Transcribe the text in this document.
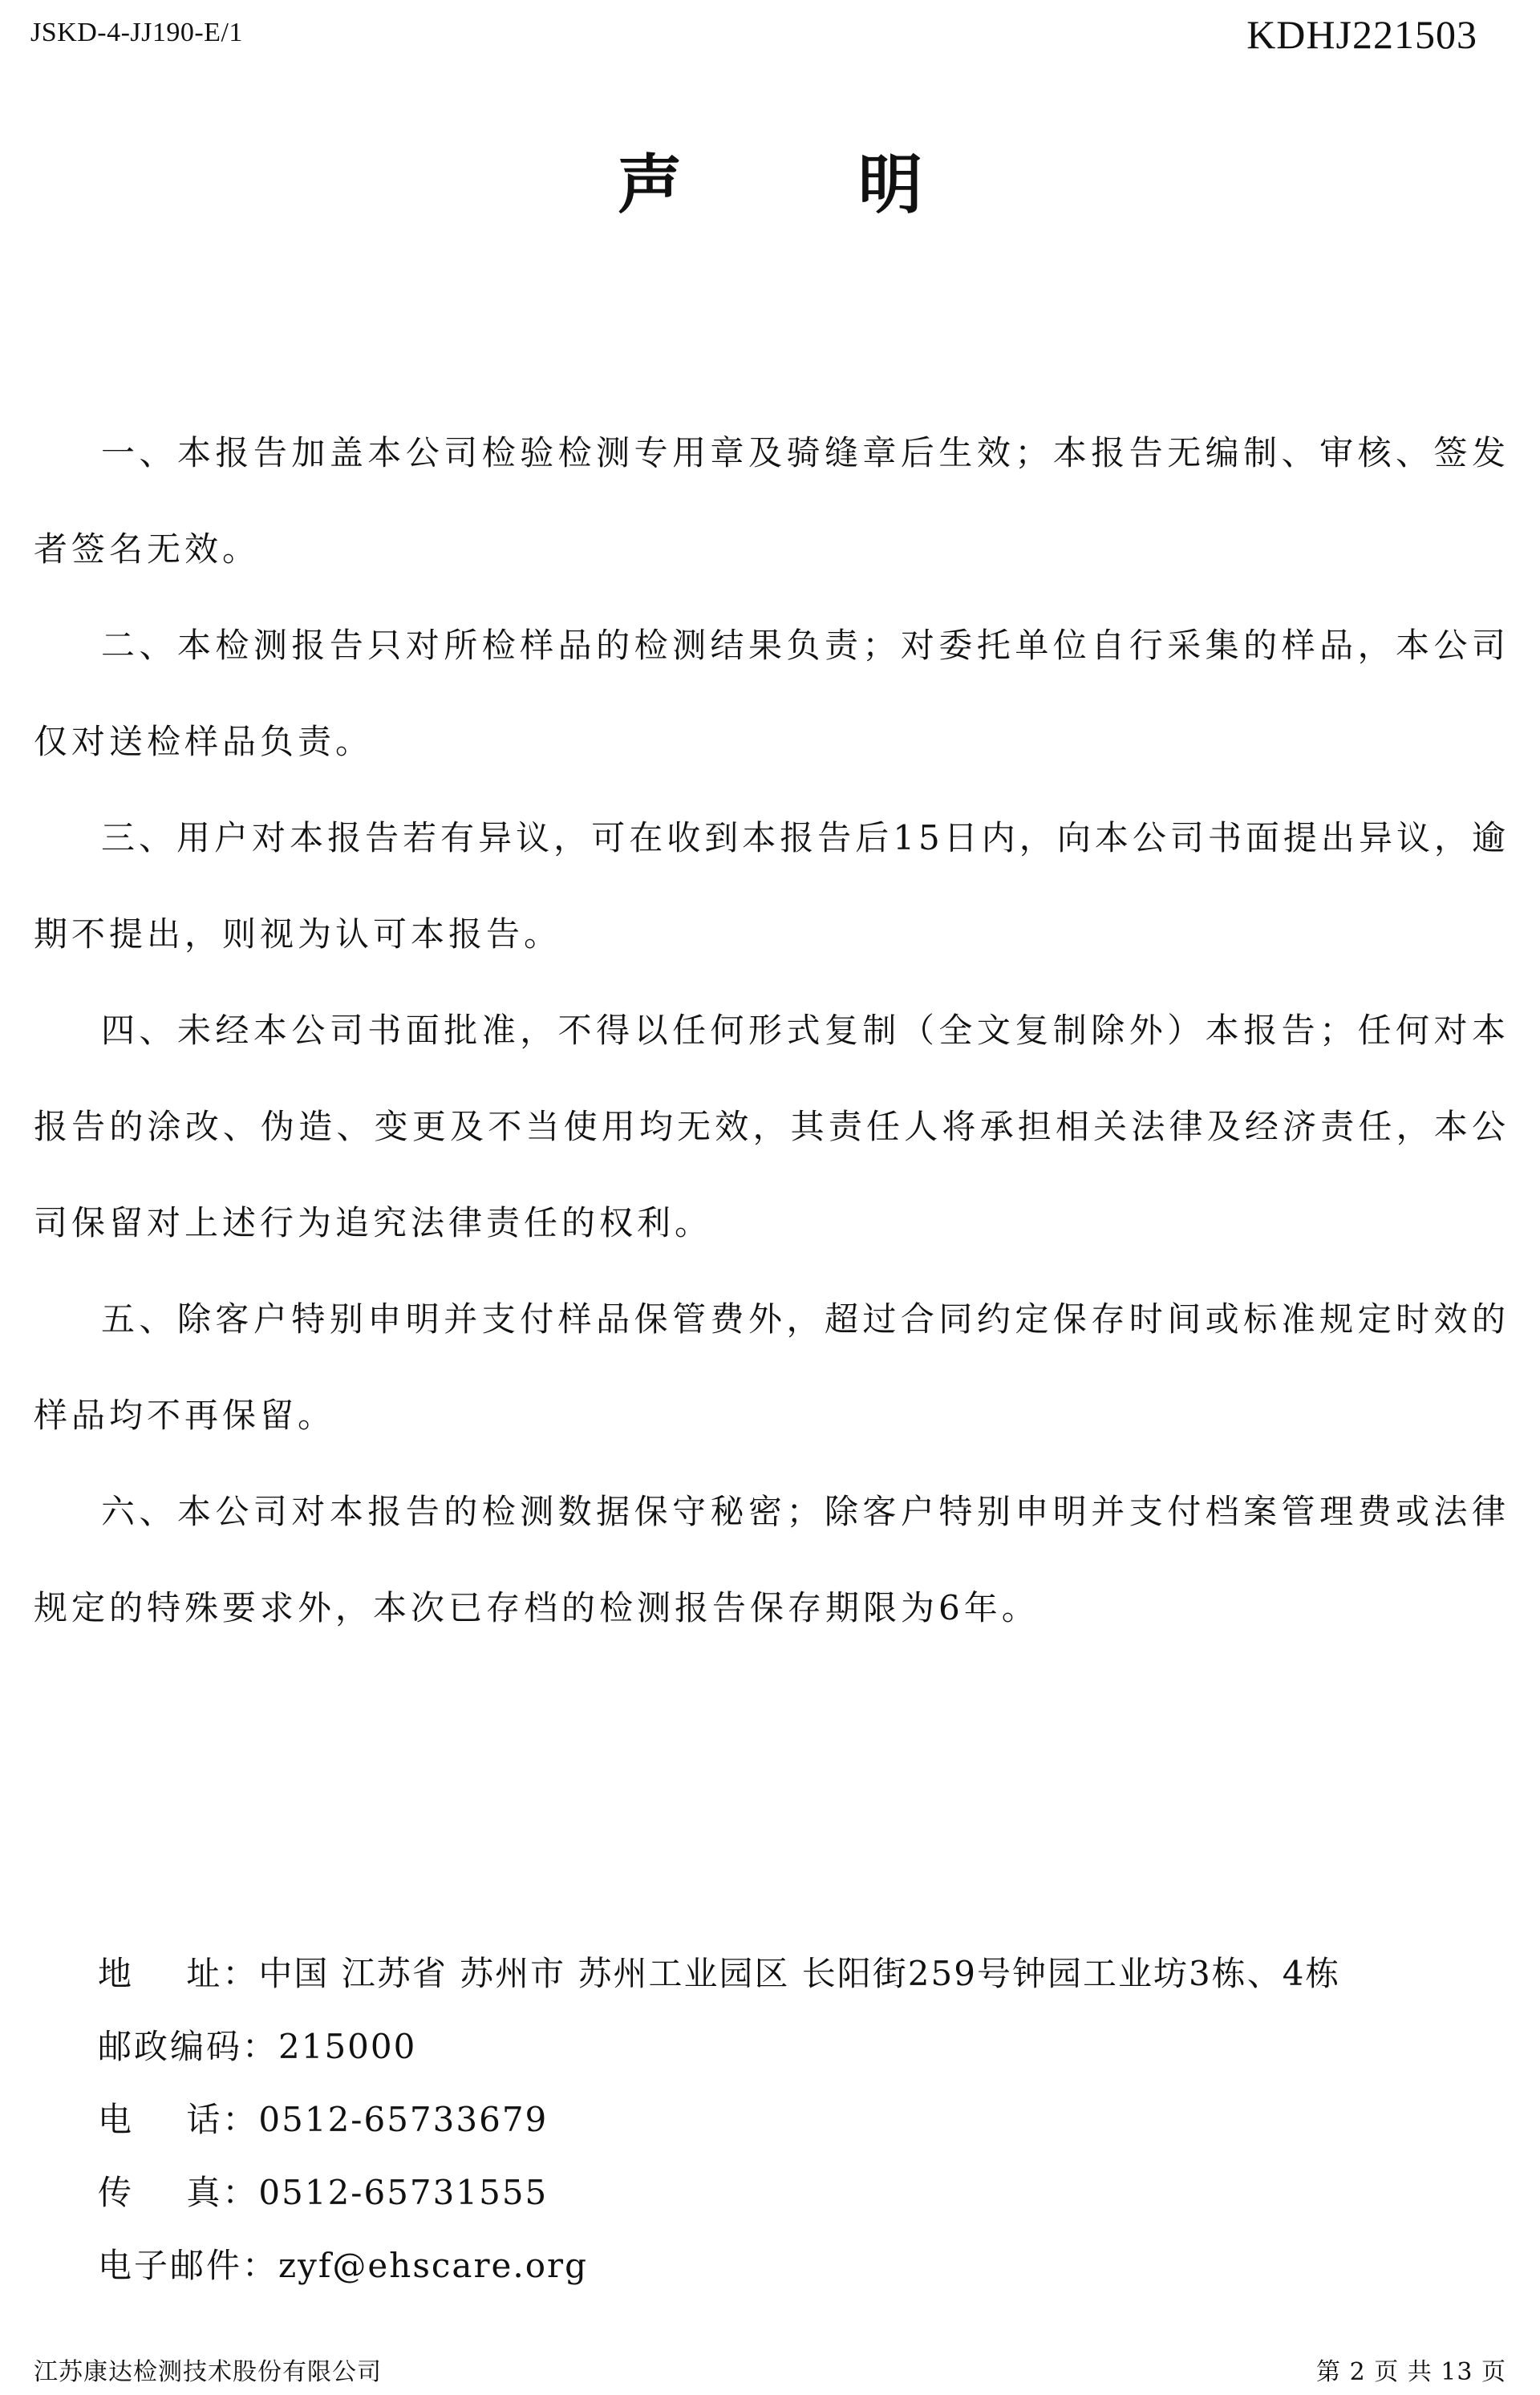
JSKD-4-JJ190-E/1	KDHJ221503
声明

一、本报告加盖本公司检验检测专用章及骑缝章后生效；本报告无编制、审核、签发者签名无效。

二、本检测报告只对所检样品的检测结果负责；对委托单位自行采集的样品，本公司仅对送检样品负责。

三、用户对本报告若有异议，可在收到本报告后15日内，向本公司书面提出异议，逾期不提出，则视为认可本报告。

四、未经本公司书面批准，不得以任何形式复制（全文复制除外）本报告；任何对本报告的涂改、伪造、变更及不当使用均无效，其责任人将承担相关法律及经济责任，本公司保留对上述行为追究法律责任的权利。

五、除客户特别申明并支付样品保管费外，超过合同约定保存时间或标准规定时效的样品均不再保留。

六、本公司对本报告的检测数据保守秘密；除客户特别申明并支付档案管理费或法律规定的特殊要求外，本次已存档的检测报告保存期限为6年。

地    址： 中国 江苏省 苏州市 苏州工业园区 长阳街259号钟园工业坊3栋、4栋
邮政编码： 215000
电    话： 0512-65733679
传    真： 0512-65731555
电子邮件： zyf@ehscare.org
江苏康达检测技术股份有限公司	第 2 页 共 13 页
